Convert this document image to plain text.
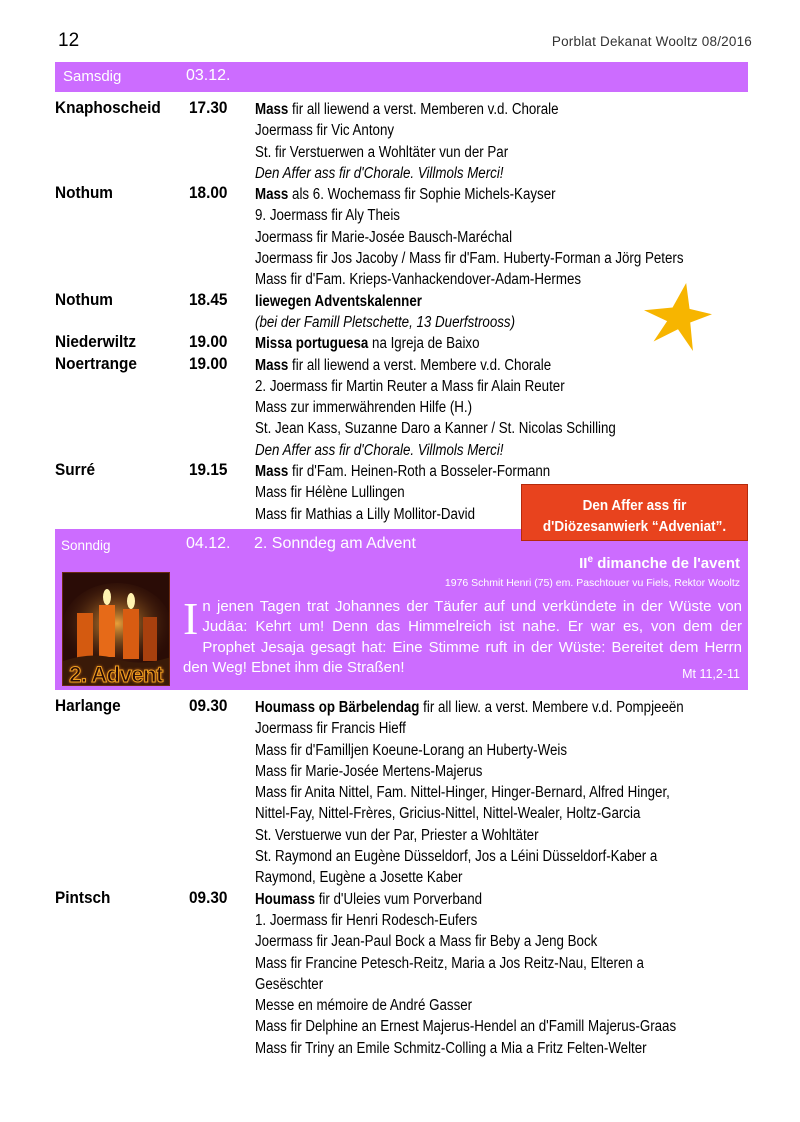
12	Porblat Dekanat Wooltz 08/2016
Samsdig	03.12.
Knaphoscheid 17.30 Mass fir all liewend a verst. Memberen v.d. Chorale
Joermass fir Vic Antony
St. fir Verstuerwen a Wohltäter vun der Par
Den Affer ass fir d'Chorale. Villmols Merci!
Nothum	18.00 Mass als 6. Wochemass fir Sophie Michels-Kayser
9. Joermass fir Aly Theis
Joermass fir Marie-Josée Bausch-Maréchal
Joermass fir Jos Jacoby / Mass fir d'Fam. Huberty-Forman a Jörg Peters
Mass fir d'Fam. Krieps-Vanhackendover-Adam-Hermes
Nothum	18.45 liewegen Adventskalenner
(bei der Famill Pletschette, 13 Duerfstrooss)
Niederwiltz	19.00 Missa portuguesa na Igreja de Baixo
Noertrange	19.00 Mass fir all liewend a verst. Membere v.d. Chorale
2. Joermass fir Martin Reuter a Mass fir Alain Reuter
Mass zur immerwährenden Hilfe (H.)
St. Jean Kass, Suzanne Daro a Kanner / St. Nicolas Schilling
Den Affer ass fir d'Chorale. Villmols Merci!
Surré	19.15 Mass fir d'Fam. Heinen-Roth a Bosseler-Formann
Mass fir Hélène Lullingen
Mass fir Mathias a Lilly Mollitor-David
Sonndig	04.12. 2. Sonndeg am Advent
IIe dimanche de l'avent
1976 Schmit Henri (75) em. Paschtouer vu Fiels, Rektor Wooltz
In jenen Tagen trat Johannes der Täufer auf und verkündete in der Wüste von Judäa: Kehrt um! Denn das Himmelreich ist nahe. Er war es, von dem der Prophet Jesaja gesagt hat: Eine Stimme ruft in der Wüste: Bereitet dem Herrn den Weg! Ebnet ihm die Straßen!	Mt 11,2-11
Den Affer ass fir
d'Diözesanwierk “Adveniat”.
2. Advent
Harlange	09.30 Houmass op Bärbelendag fir all liew. a verst. Membere v.d. Pompjeeën
Joermass fir Francis Hieff
Mass fir d'Familljen Koeune-Lorang an Huberty-Weis
Mass fir Marie-Josée Mertens-Majerus
Mass fir Anita Nittel, Fam. Nittel-Hinger, Hinger-Bernard, Alfred Hinger,
Nittel-Fay, Nittel-Frères, Gricius-Nittel, Nittel-Wealer, Holtz-Garcia
St. Verstuerwe vun der Par, Priester a Wohltäter
St. Raymond an Eugène Düsseldorf, Jos a Léini Düsseldorf-Kaber a
Raymond, Eugène a Josette Kaber
Pintsch	09.30 Houmass fir d'Uleies vum Porverband
1. Joermass fir Henri Rodesch-Eufers
Joermass fir Jean-Paul Bock a Mass fir Beby a Jeng Bock
Mass fir Francine Petesch-Reitz, Maria a Jos Reitz-Nau, Elteren a
Gesëschter
Messe en mémoire de André Gasser
Mass fir Delphine an Ernest Majerus-Hendel an d'Famill Majerus-Graas
Mass fir Triny an Emile Schmitz-Colling a Mia a Fritz Felten-Welter
